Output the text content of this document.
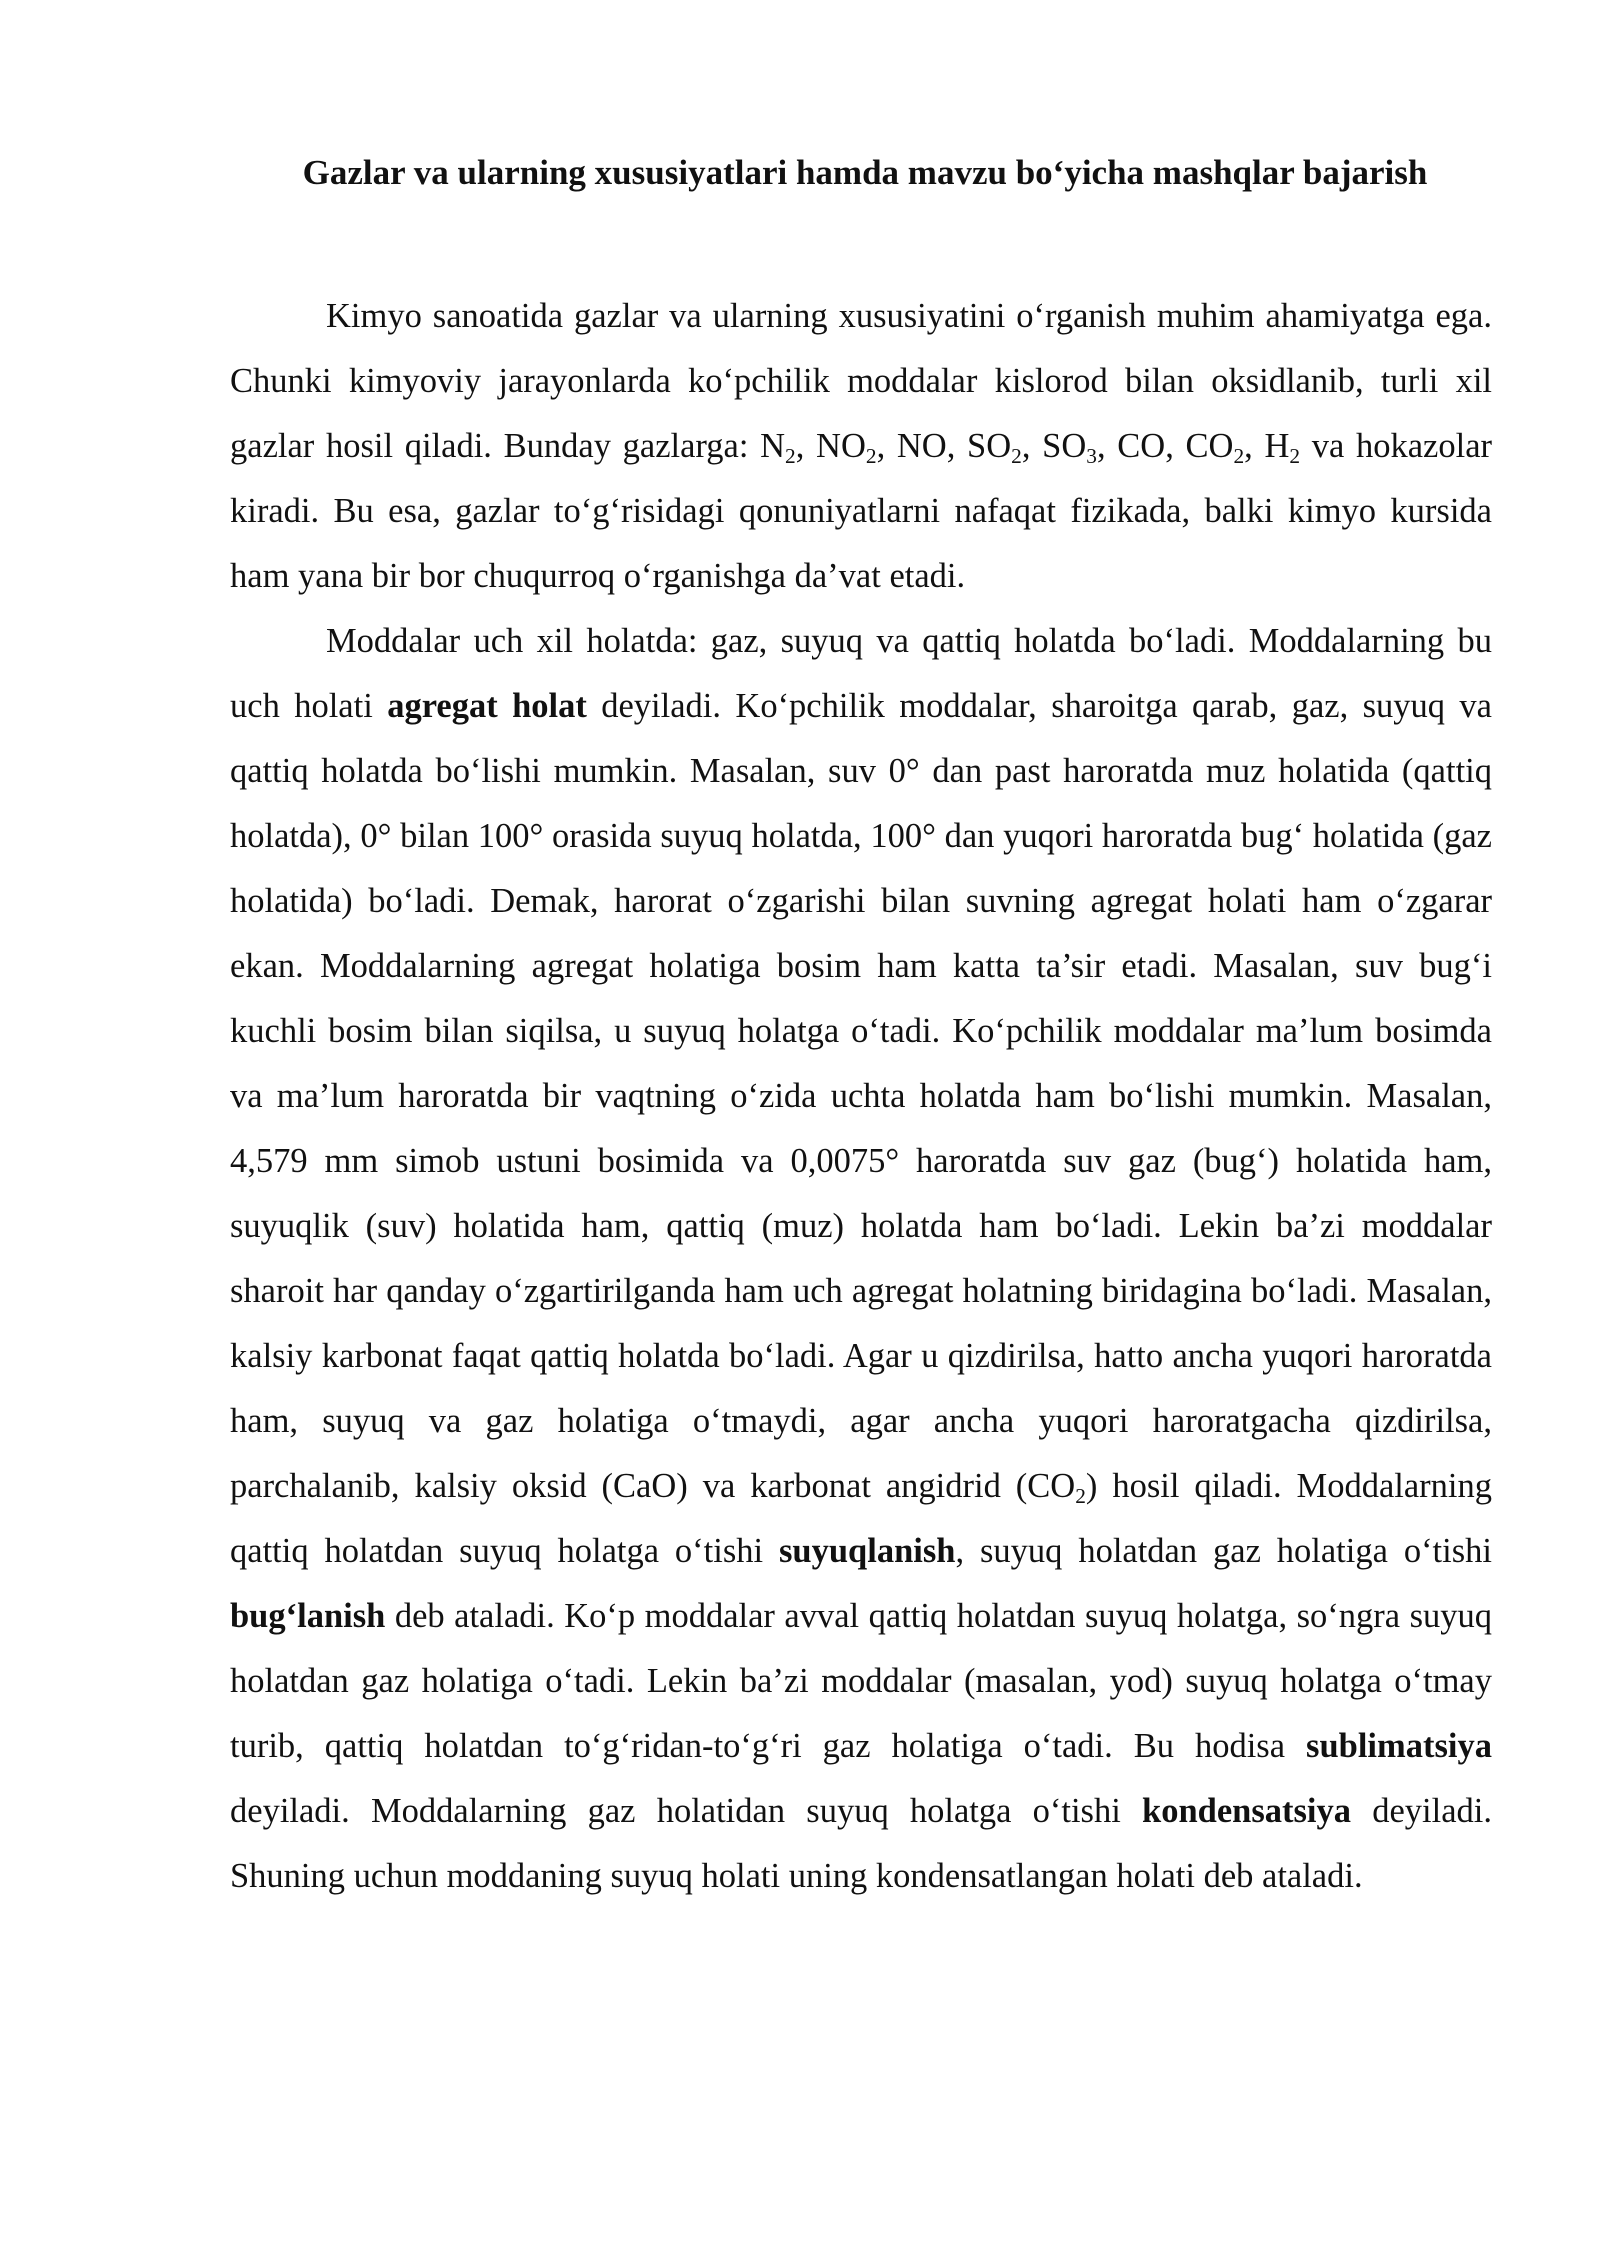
Gazlar va ularning xususiyatlari hamda mavzu bo‘yicha mashqlar bajarish

Kimyo sanoatida gazlar va ularning xususiyatini o‘rganish muhim ahamiyatga ega. Chunki kimyoviy jarayonlarda ko‘pchilik moddalar kislorod bilan oksidlanib, turli xil gazlar hosil qiladi. Bunday gazlarga: $N_2$, $NO_2$, NO, $SO_2$, $SO_3$, CO, $CO_2$, $H_2$ va hokazolar kiradi. Bu esa, gazlar to‘g‘risidagi qonuniyatlarni nafaqat fizikada, balki kimyo kursida ham yana bir bor chuqurroq o‘rganishga da’vat etadi.

Moddalar uch xil holatda: gaz, suyuq va qattiq holatda bo‘ladi. Moddalarning bu uch holati agregat holat deyiladi. Ko‘pchilik moddalar, sharoitga qarab, gaz, suyuq va qattiq holatda bo‘lishi mumkin. Masalan, suv 0° dan past haroratda muz holatida (qattiq holatda), 0° bilan 100° orasida suyuq holatda, 100° dan yuqori haroratda bug‘ holatida (gaz holatida) bo‘ladi. Demak, harorat o‘zgarishi bilan suvning agregat holati ham o‘zgarar ekan. Moddalarning agregat holatiga bosim ham katta ta’sir etadi. Masalan, suv bug‘i kuchli bosim bilan siqilsa, u suyuq holatga o‘tadi. Ko‘pchilik moddalar ma’lum bosimda va ma’lum haroratda bir vaqtning o‘zida uchta holatda ham bo‘lishi mumkin. Masalan, 4,579 mm simob ustuni bosimida va 0,0075° haroratda suv gaz (bug‘) holatida ham, suyuqlik (suv) holatida ham, qattiq (muz) holatda ham bo‘ladi. Lekin ba’zi moddalar sharoit har qanday o‘zgartirilganda ham uch agregat holatning biridagina bo‘ladi. Masalan, kalsiy karbonat faqat qattiq holatda bo‘ladi. Agar u qizdirilsa, hatto ancha yuqori haroratda ham, suyuq va gaz holatiga o‘tmaydi, agar ancha yuqori haroratgacha qizdirilsa, parchalanib, kalsiy oksid (CaO) va karbonat angidrid $(CO_2)$ hosil qiladi. Moddalarning qattiq holatdan suyuq holatga o‘tishi suyuqlanish, suyuq holatdan gaz holatiga o‘tishi bug‘lanish deb ataladi. Ko‘p moddalar avval qattiq holatdan suyuq holatga, so‘ngra suyuq holatdan gaz holatiga o‘tadi. Lekin ba’zi moddalar (masalan, yod) suyuq holatga o‘tmay turib, qattiq holatdan to‘g‘ridan-to‘g‘ri gaz holatiga o‘tadi. Bu hodisa sublimatsiya deyiladi. Moddalarning gaz holatidan suyuq holatga o‘tishi kondensatsiya deyiladi. Shuning uchun moddaning suyuq holati uning kondensatlangan holati deb ataladi.
